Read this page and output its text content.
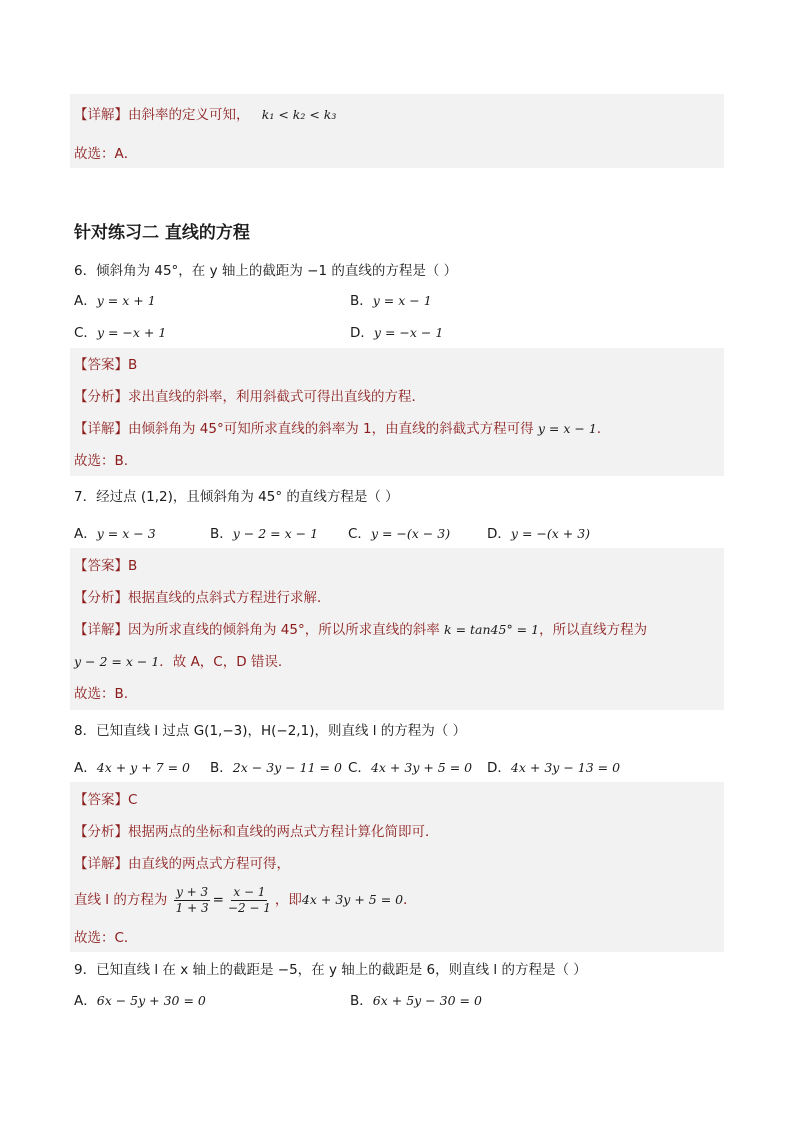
【详解】由斜率的定义可知， k₁ < k₂ < k₃
故选：A．
针对练习二 直线的方程
6．倾斜角为 45°，在 y 轴上的截距为 −1 的直线的方程是（ ）
A．y = x + 1	B．y = x − 1
C．y = −x + 1	D．y = −x − 1
【答案】B
【分析】求出直线的斜率，利用斜截式可得出直线的方程．
【详解】由倾斜角为 45°可知所求直线的斜率为 1，由直线的斜截式方程可得 y = x − 1.
故选：B.
7．经过点 (1,2)，且倾斜角为 45° 的直线方程是（ ）
A．y = x − 3	B．y − 2 = x − 1 C．y = −(x − 3)	D．y = −(x + 3)
【答案】B
【分析】根据直线的点斜式方程进行求解．
【详解】因为所求直线的倾斜角为 45°，所以所求直线的斜率 k = tan45° = 1，所以直线方程为
y − 2 = x − 1．故 A，C，D 错误.
故选：B.
8．已知直线 l 过点 G(1,−3)，H(−2,1)，则直线 l 的方程为（ ）
A．4x + y + 7 = 0 B．2x − 3y − 11 = 0 C．4x + 3y + 5 = 0 D．4x + 3y − 13 = 0
【答案】C
【分析】根据两点的坐标和直线的两点式方程计算化简即可．
【详解】由直线的两点式方程可得，
直线 l 的方程为 $\frac{y + 3}{1 + 3} = \frac{x - 1}{-2 - 1}$ ，即4x + 3y + 5 = 0．
故选：C．
9．已知直线 l 在 x 轴上的截距是 −5，在 y 轴上的截距是 6，则直线 l 的方程是（ ）
A．6x − 5y + 30 = 0	B．6x + 5y − 30 = 0
